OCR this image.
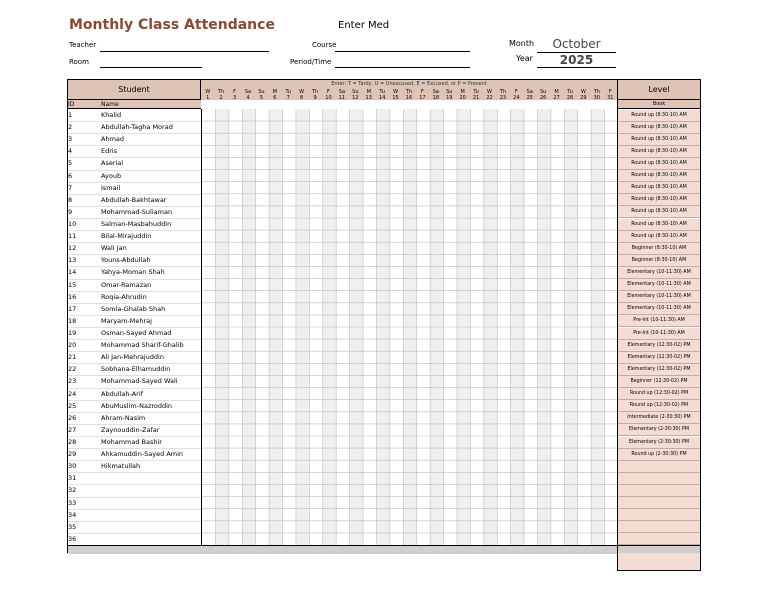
Monthly Class Attendance	Enter Med
Teacher
Room
Course
Period/Time
Month	October
Year	2025
Student
Enter: T = Tardy, U = Unexcused, E = Excused, or P = Present
W
1
Th
2
F
3
Sa
4
Su
5
M
6
Tu
7
W
8
Th
9
F
10
Sa
11
Su
12
M
13
Tu
14
W
15
Th
16
F
17
Sa
18
Su
19
M
20
Tu
21
W
22
Th
23
F
24
Sa
25
Su
26
M
27
Tu
28
W
29
Th
30
F
31
Level
ID	Name	Book
1	Khalid	Round up (8:30-10) AM
2	Abdullah-Tagha Morad	Round up (8:30-10) AM
3	Ahmad	Round up (8:30-10) AM
4	Edris	Round up (8:30-10) AM
5	Aserial	Round up (8:30-10) AM
6	Ayoub	Round up (8:30-10) AM
7	Ismail	Round up (8:30-10) AM
8	Abdullah-Bakhtawar	Round up (8:30-10) AM
9	Mohammad-Suliaman	Round up (8:30-10) AM
10	Salman-Masbahuddin	Round up (8:30-10) AM
11	Bilal-Mirajuddin	Round up (8:30-10) AM
12	Wali Jan	Beginner (8:30-10) AM
13	Youns-Abdullah	Beginner (8:30-10) AM
14	Yahya-Moman Shah	Elementary (10-11:30) AM
15	Omar-Ramazan	Elementary (10-11:30) AM
16	Roqia-Ahrudin	Elementary (10-11:30) AM
17	Somia-Ghalab Shah	Elementary (10-11:30) AM
18	Maryam-Mehraj	Pre-Int (10-11:30) AM
19	Osman-Sayed Ahmad	Pre-Int (10-11:30) AM
20	Mohammad Sharif-Ghalib	Elementary (12:30-02) PM
21	Ali Jan-Mehrajuddin	Elementary (12:30-02) PM
22	Sobhana-Elhamuddin	Elementary (12:30-02) PM
23	Mohammad-Sayed Wali	Beginner (12:30-02) PM
24	Abdullah-Arif	Round up (12:30-02) PM
25	AbuMuslim-Nazroddin	Round up (12:30-02) PM
26	Ahram-Nasim	Intermediate (2-30:30) PM
27	Zaynouddin-Zafar	Elementary (2-30:30) PM
28	Mohammad Bashir	Elementary (2-30:30) PM
29	Ahkamuddin-Sayed Amin	Round up (2-30:30) PM
30	Hikmatullah
31
32
33
34
35
36
